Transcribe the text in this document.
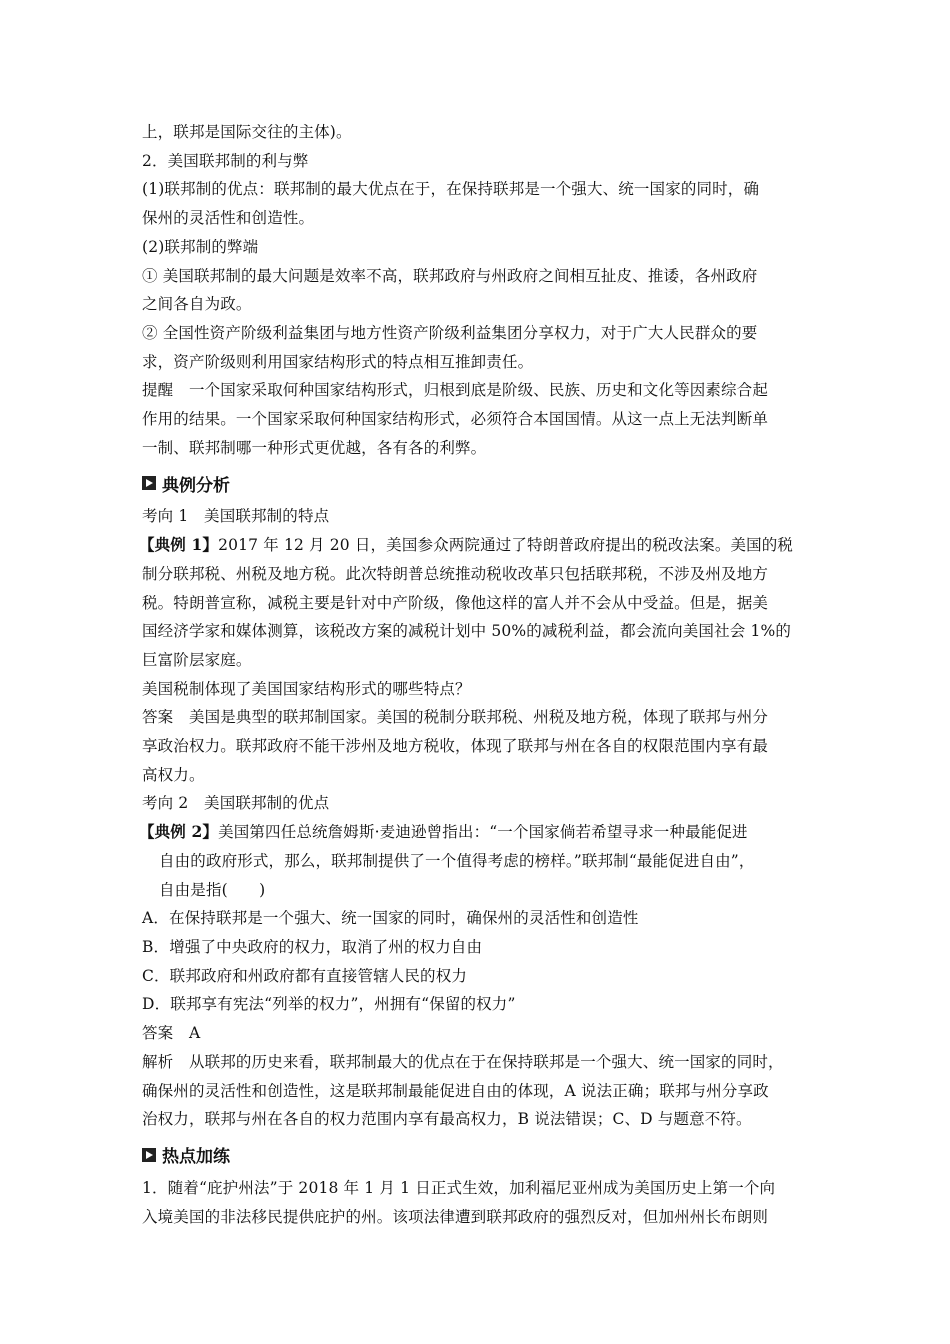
上，联邦是国际交往的主体)。
2．美国联邦制的利与弊
(1)联邦制的优点：联邦制的最大优点在于，在保持联邦是一个强大、统一国家的同时，确
保州的灵活性和创造性。
(2)联邦制的弊端
① 美国联邦制的最大问题是效率不高，联邦政府与州政府之间相互扯皮、推诿，各州政府
之间各自为政。
② 全国性资产阶级利益集团与地方性资产阶级利益集团分享权力，对于广大人民群众的要
求，资产阶级则利用国家结构形式的特点相互推卸责任。
提醒　一个国家采取何种国家结构形式，归根到底是阶级、民族、历史和文化等因素综合起
作用的结果。一个国家采取何种国家结构形式，必须符合本国国情。从这一点上无法判断单
一制、联邦制哪一种形式更优越，各有各的利弊。
典例分析
考向 1　美国联邦制的特点
【典例 1】2017 年 12 月 20 日，美国参众两院通过了特朗普政府提出的税改法案。美国的税
制分联邦税、州税及地方税。此次特朗普总统推动税收改革只包括联邦税，不涉及州及地方
税。特朗普宣称，减税主要是针对中产阶级，像他这样的富人并不会从中受益。但是，据美
国经济学家和媒体测算，该税改方案的减税计划中 50%的减税利益，都会流向美国社会 1%的
巨富阶层家庭。
美国税制体现了美国国家结构形式的哪些特点？
答案　美国是典型的联邦制国家。美国的税制分联邦税、州税及地方税，体现了联邦与州分
享政治权力。联邦政府不能干涉州及地方税收，体现了联邦与州在各自的权限范围内享有最
高权力。
考向 2　美国联邦制的优点
【典例 2】美国第四任总统詹姆斯·麦迪逊曾指出：“一个国家倘若希望寻求一种最能促进
自由的政府形式，那么，联邦制提供了一个值得考虑的榜样。”联邦制“最能促进自由”，
自由是指(　　)
A．在保持联邦是一个强大、统一国家的同时，确保州的灵活性和创造性
B．增强了中央政府的权力，取消了州的权力自由
C．联邦政府和州政府都有直接管辖人民的权力
D．联邦享有宪法“列举的权力”，州拥有“保留的权力”
答案　A
解析　从联邦的历史来看，联邦制最大的优点在于在保持联邦是一个强大、统一国家的同时，
确保州的灵活性和创造性，这是联邦制最能促进自由的体现，A 说法正确；联邦与州分享政
治权力，联邦与州在各自的权力范围内享有最高权力，B 说法错误；C、D 与题意不符。
热点加练
1．随着“庇护州法”于 2018 年 1 月 1 日正式生效，加利福尼亚州成为美国历史上第一个向
入境美国的非法移民提供庇护的州。该项法律遭到联邦政府的强烈反对，但加州州长布朗则
